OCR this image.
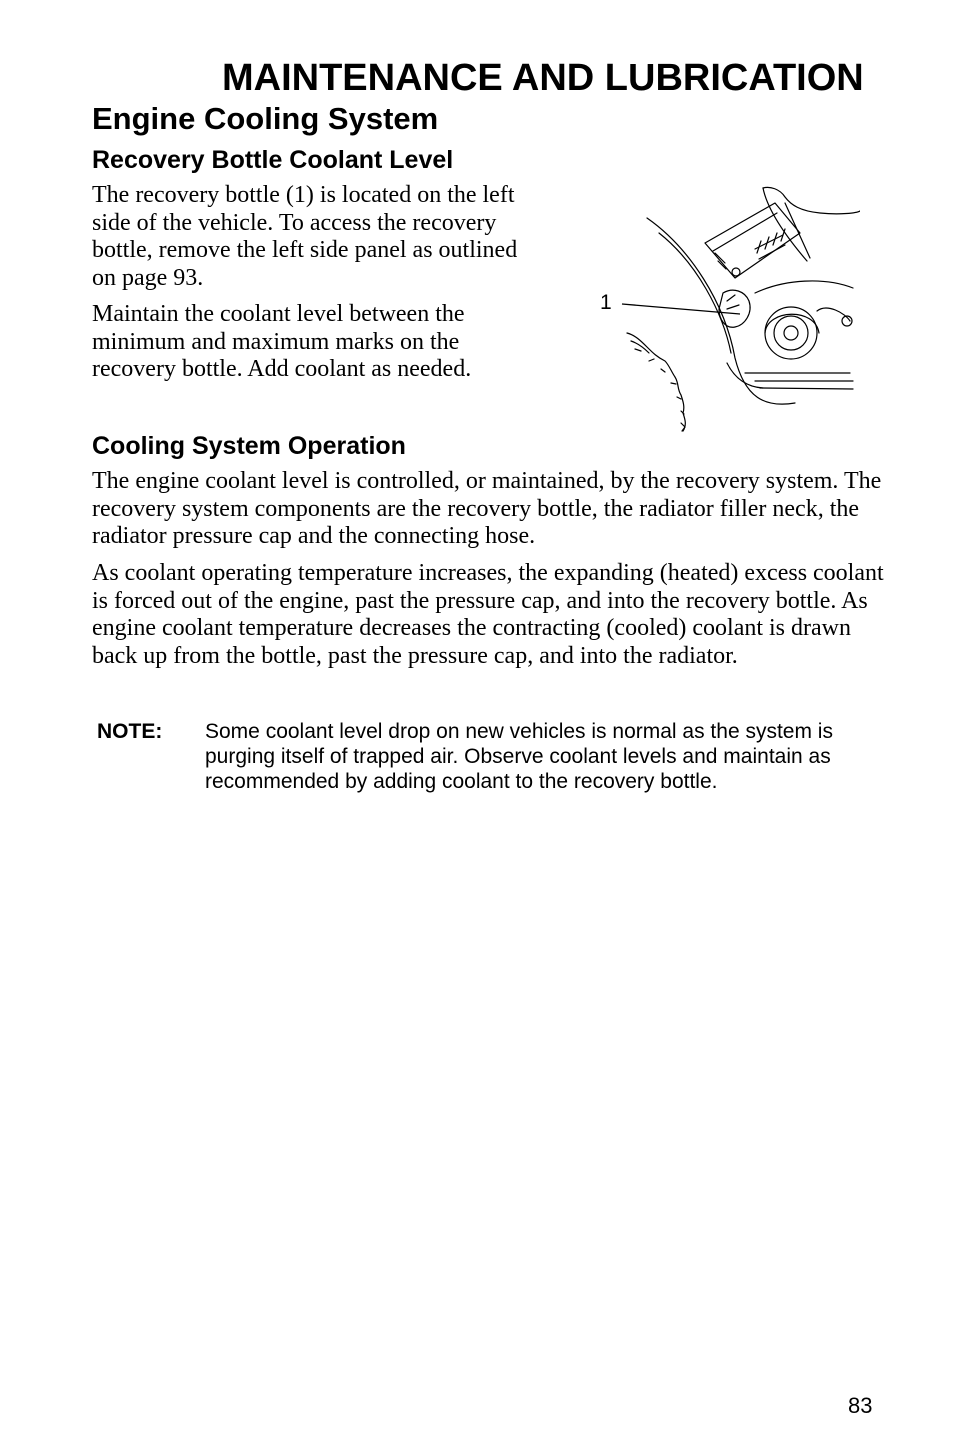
MAINTENANCE AND LUBRICATION
Engine Cooling System
Recovery Bottle Coolant Level

The recovery bottle (1) is located on the left side of the vehicle. To access the recovery bottle, remove the left side panel as outlined on page 93.

Maintain the coolant level between the minimum and maximum marks on the recovery bottle. Add coolant as needed.

1
Cooling System Operation

The engine coolant level is controlled, or maintained, by the recovery system. The recovery system components are the recovery bottle, the radiator filler neck, the radiator pressure cap and the connecting hose.

As coolant operating temperature increases, the expanding (heated) excess coolant is forced out of the engine, past the pressure cap, and into the recovery bottle. As engine coolant temperature decreases the contracting (cooled) coolant is drawn back up from the bottle, past the pressure cap, and into the radiator.

NOTE: Some coolant level drop on new vehicles is normal as the system is purging itself of trapped air. Observe coolant levels and maintain as recommended by adding coolant to the recovery bottle.
83
